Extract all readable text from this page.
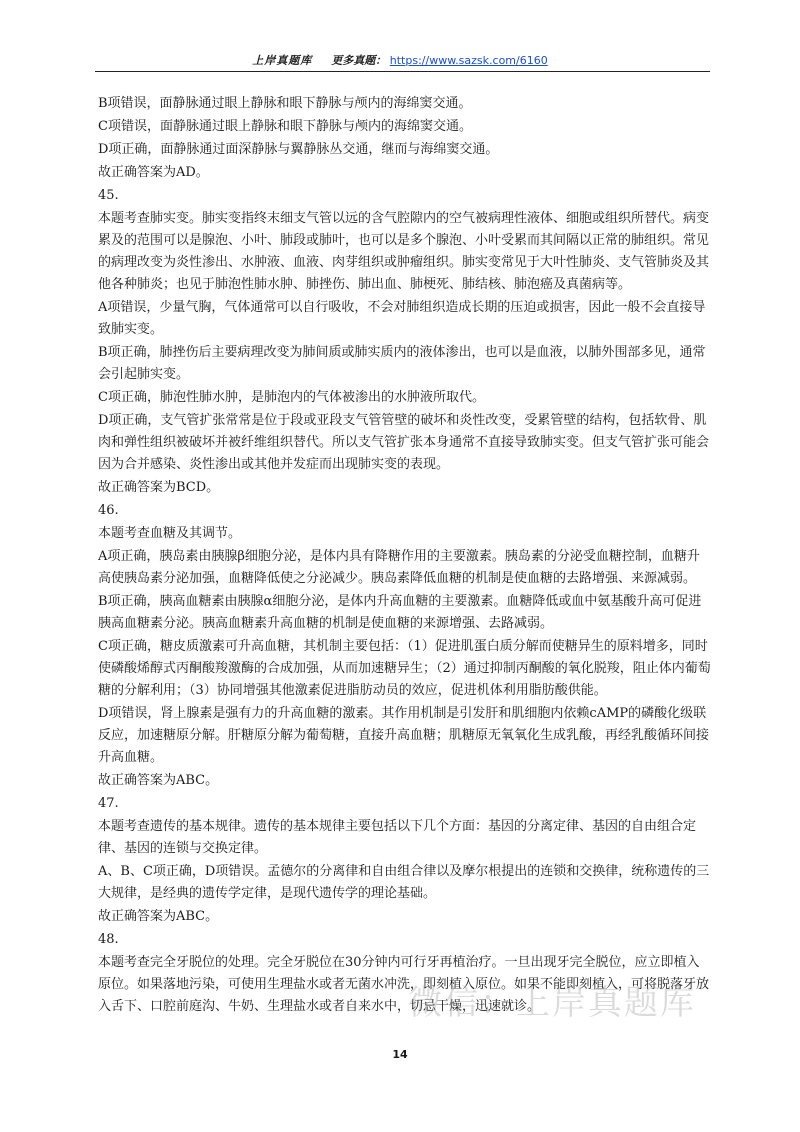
上岸真题库 更多真题： https://www.sazsk.com/6160

B项错误，面静脉通过眼上静脉和眼下静脉与颅内的海绵窦交通。

C项错误，面静脉通过眼上静脉和眼下静脉与颅内的海绵窦交通。

D项正确，面静脉通过面深静脉与翼静脉丛交通，继而与海绵窦交通。

故正确答案为AD。

45.

本题考查肺实变。肺实变指终末细支气管以远的含气腔隙内的空气被病理性液体、细胞或组织所替代。病变累及的范围可以是腺泡、小叶、肺段或肺叶，也可以是多个腺泡、小叶受累而其间隔以正常的肺组织。常见的病理改变为炎性渗出、水肿液、血液、肉芽组织或肿瘤组织。肺实变常见于大叶性肺炎、支气管肺炎及其他各种肺炎；也见于肺泡性肺水肿、肺挫伤、肺出血、肺梗死、肺结核、肺泡癌及真菌病等。

A项错误，少量气胸，气体通常可以自行吸收，不会对肺组织造成长期的压迫或损害，因此一般不会直接导致肺实变。

B项正确，肺挫伤后主要病理改变为肺间质或肺实质内的液体渗出，也可以是血液，以肺外围部多见，通常会引起肺实变。

C项正确，肺泡性肺水肿，是肺泡内的气体被渗出的水肿液所取代。

D项正确，支气管扩张常常是位于段或亚段支气管管壁的破坏和炎性改变，受累管壁的结构，包括软骨、肌肉和弹性组织被破坏并被纤维组织替代。所以支气管扩张本身通常不直接导致肺实变。但支气管扩张可能会因为合并感染、炎性渗出或其他并发症而出现肺实变的表现。

故正确答案为BCD。

46.

本题考查血糖及其调节。

A项正确，胰岛素由胰腺β细胞分泌，是体内具有降糖作用的主要激素。胰岛素的分泌受血糖控制，血糖升高使胰岛素分泌加强，血糖降低使之分泌减少。胰岛素降低血糖的机制是使血糖的去路增强、来源减弱。

B项正确，胰高血糖素由胰腺α细胞分泌，是体内升高血糖的主要激素。血糖降低或血中氨基酸升高可促进胰高血糖素分泌。胰高血糖素升高血糖的机制是使血糖的来源增强、去路减弱。

C项正确，糖皮质激素可升高血糖，其机制主要包括：（1）促进肌蛋白质分解而使糖异生的原料增多，同时使磷酸烯醇式丙酮酸羧激酶的合成加强，从而加速糖异生；（2）通过抑制丙酮酸的氧化脱羧，阻止体内葡萄糖的分解利用；（3）协同增强其他激素促进脂肪动员的效应，促进机体利用脂肪酸供能。

D项错误，肾上腺素是强有力的升高血糖的激素。其作用机制是引发肝和肌细胞内依赖cAMP的磷酸化级联反应，加速糖原分解。肝糖原分解为葡萄糖，直接升高血糖；肌糖原无氧氧化生成乳酸，再经乳酸循环间接升高血糖。

故正确答案为ABC。

47.

本题考查遗传的基本规律。遗传的基本规律主要包括以下几个方面：基因的分离定律、基因的自由组合定律、基因的连锁与交换定律。

A、B、C项正确，D项错误。孟德尔的分离律和自由组合律以及摩尔根提出的连锁和交换律，统称遗传的三大规律，是经典的遗传学定律，是现代遗传学的理论基础。

故正确答案为ABC。

48.

本题考查完全牙脱位的处理。完全牙脱位在30分钟内可行牙再植治疗。一旦出现牙完全脱位，应立即植入原位。如果落地污染，可使用生理盐水或者无菌水冲洗，即刻植入原位。如果不能即刻植入，可将脱落牙放入舌下、口腔前庭沟、牛奶、生理盐水或者自来水中，切忌干燥，迅速就诊。

微信：上岸真题库
14
